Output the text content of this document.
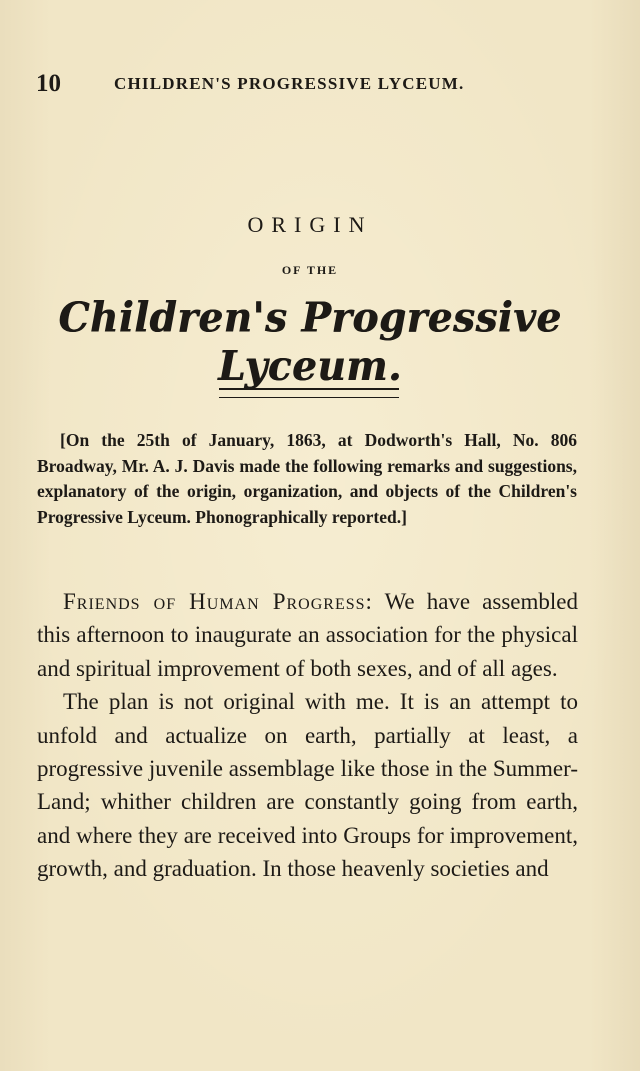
10	CHILDREN'S PROGRESSIVE LYCEUM.
ORIGIN
OF THE
Children's Progressive Lyceum.

[On the 25th of January, 1863, at Dodworth's Hall, No. 806 Broadway, Mr. A. J. Davis made the following remarks and suggestions, explanatory of the origin, organization, and objects of the Children's Progressive Lyceum. Phonographically reported.]

Friends of Human Progress: We have assembled this afternoon to inaugurate an association for the physical and spiritual improvement of both sexes, and of all ages.

The plan is not original with me. It is an attempt to unfold and actualize on earth, partially at least, a progressive juvenile assemblage like those in the Summer-Land; whither children are constantly going from earth, and where they are received into Groups for improvement, growth, and graduation. In those heavenly societies and
